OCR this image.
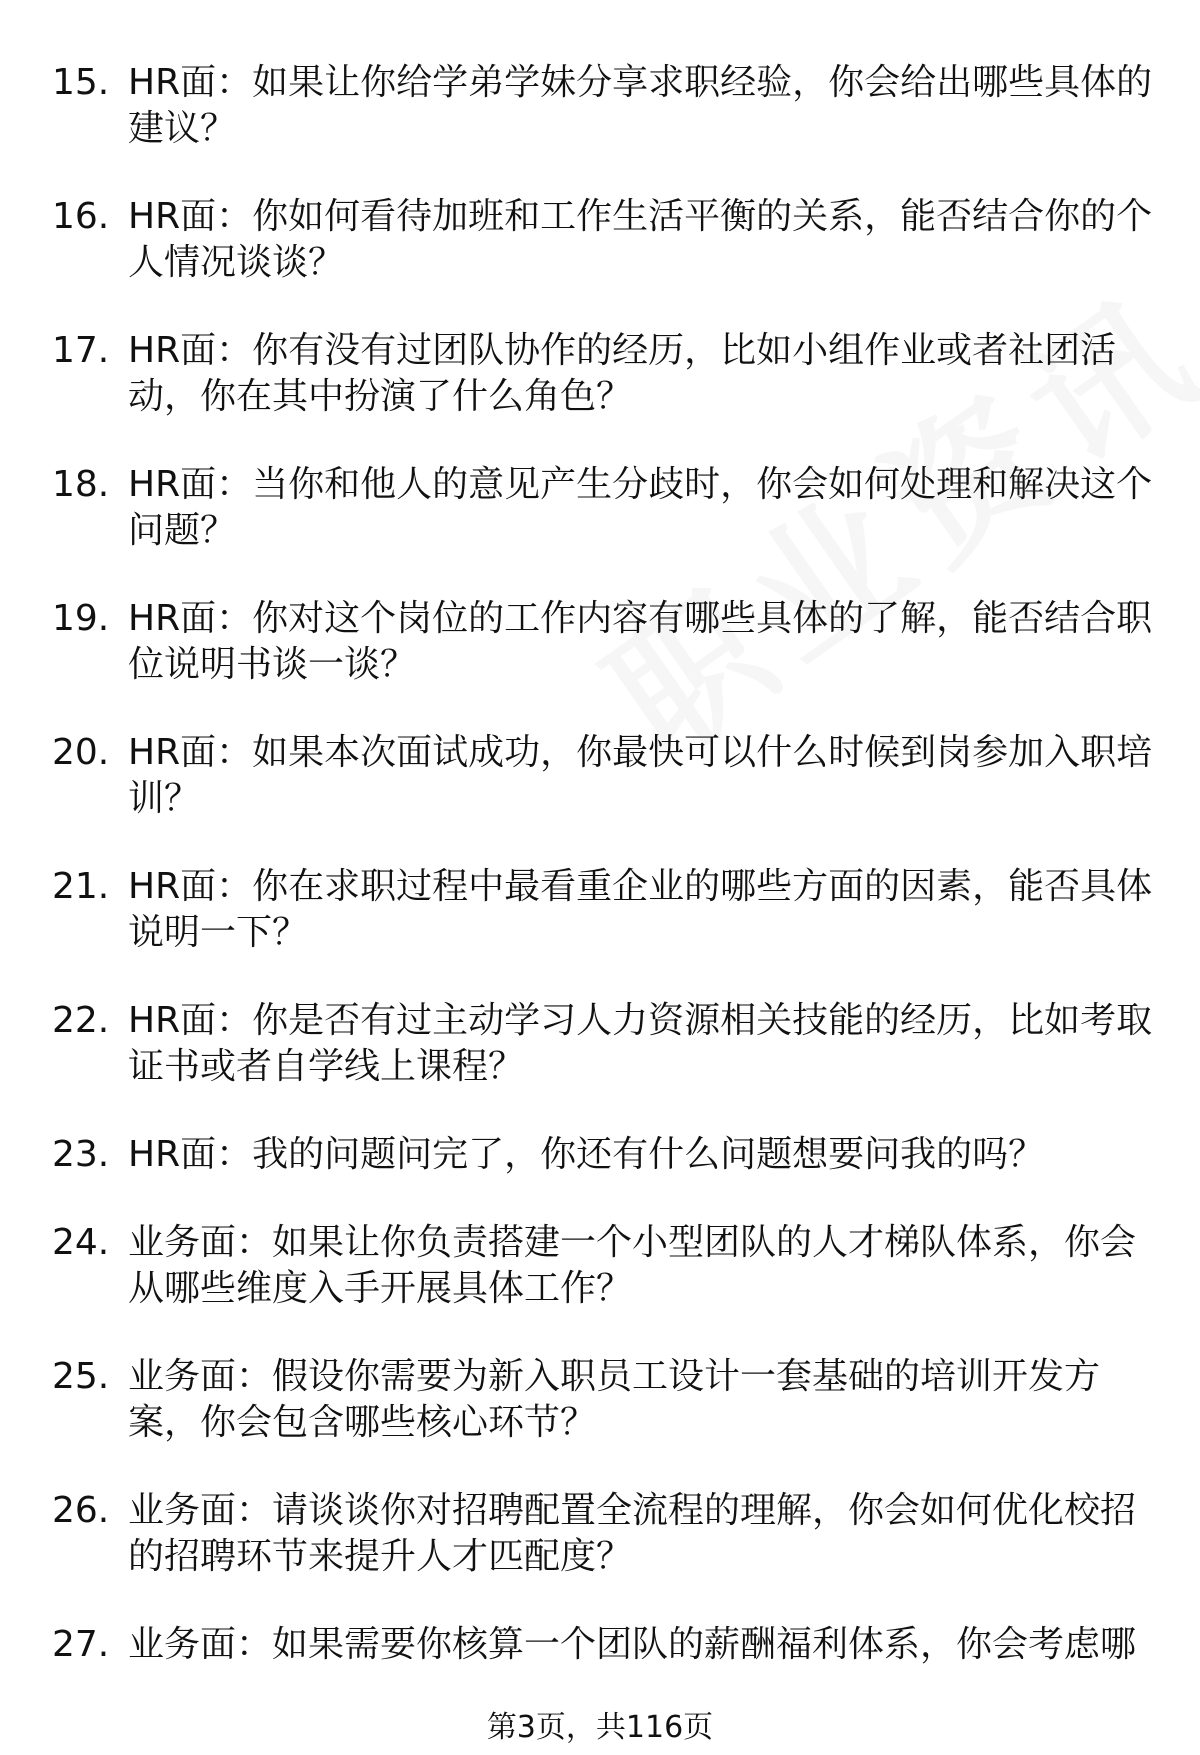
15. HR面：如果让你给学弟学妹分享求职经验，你会给出哪些具体的建议？
16. HR面：你如何看待加班和工作生活平衡的关系，能否结合你的个人情况谈谈？
17. HR面：你有没有过团队协作的经历，比如小组作业或者社团活动，你在其中扮演了什么角色？
18. HR面：当你和他人的意见产生分歧时，你会如何处理和解决这个问题？
19. HR面：你对这个岗位的工作内容有哪些具体的了解，能否结合职位说明书谈一谈？
20. HR面：如果本次面试成功，你最快可以什么时候到岗参加入职培训？
21. HR面：你在求职过程中最看重企业的哪些方面的因素，能否具体说明一下？
22. HR面：你是否有过主动学习人力资源相关技能的经历，比如考取证书或者自学线上课程？
23. HR面：我的问题问完了，你还有什么问题想要问我的吗？
24. 业务面：如果让你负责搭建一个小型团队的人才梯队体系，你会从哪些维度入手开展具体工作？
25. 业务面：假设你需要为新入职员工设计一套基础的培训开发方案，你会包含哪些核心环节？
26. 业务面：请谈谈你对招聘配置全流程的理解，你会如何优化校招的招聘环节来提升人才匹配度？
27. 业务面：如果需要你核算一个团队的薪酬福利体系，你会考虑哪
第3页，共116页
